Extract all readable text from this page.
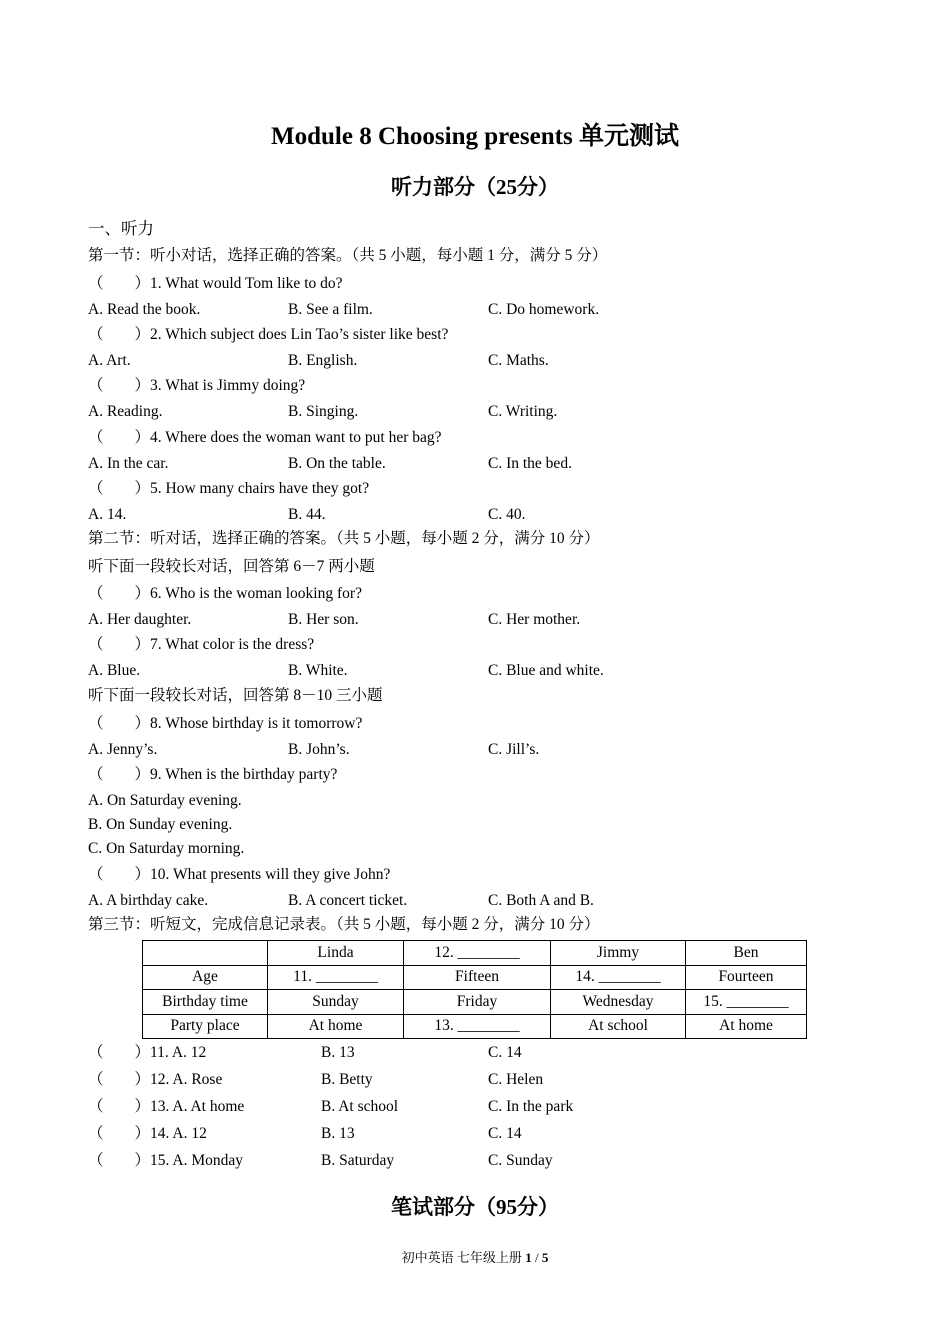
Module 8 Choosing presents 单元测试
听力部分（25分）
一、听力
第一节：听小对话，选择正确的答案。（共 5 小题，每小题 1 分，满分 5 分）
（　　）1. What would Tom like to do?
A. Read the book.	B. See a film.	C. Do homework.
（　　）2. Which subject does Lin Tao’s sister like best?
A. Art.	B. English.	C. Maths.
（　　）3. What is Jimmy doing?
A. Reading.	B. Singing.	C. Writing.
（　　）4. Where does the woman want to put her bag?
A. In the car.	B. On the table.	C. In the bed.
（　　）5. How many chairs have they got?
A. 14.	B. 44.	C. 40.
第二节：听对话，选择正确的答案。（共 5 小题，每小题 2 分，满分 10 分）
听下面一段较长对话，回答第 6－7 两小题
（　　）6. Who is the woman looking for?
A. Her daughter.	B. Her son.	C. Her mother.
（　　）7. What color is the dress?
A. Blue.	B. White.	C. Blue and white.
听下面一段较长对话，回答第 8－10 三小题
（　　）8. Whose birthday is it tomorrow?
A. Jenny’s.	B. John’s.	C. Jill’s.
（　　）9. When is the birthday party?
A. On Saturday evening.
B. On Sunday evening.
C. On Saturday morning.
（　　）10. What presents will they give John?
A. A birthday cake.	B. A concert ticket.	C. Both A and B.
第三节：听短文，完成信息记录表。（共 5 小题，每小题 2 分，满分 10 分）
	Linda	12. ________	Jimmy	Ben
Age	11. ________	Fifteen	14. ________	Fourteen
Birthday time	Sunday	Friday	Wednesday	15. ________
Party place	At home	13. ________	At school	At home
（　　）11. A. 12	B. 13	C. 14
（　　）12. A. Rose	B. Betty	C. Helen
（　　）13. A. At home	B. At school	C. In the park
（　　）14. A. 12	B. 13	C. 14
（　　）15. A. Monday	B. Saturday	C. Sunday
笔试部分（95分）
初中英语 七年级上册 1 / 5
